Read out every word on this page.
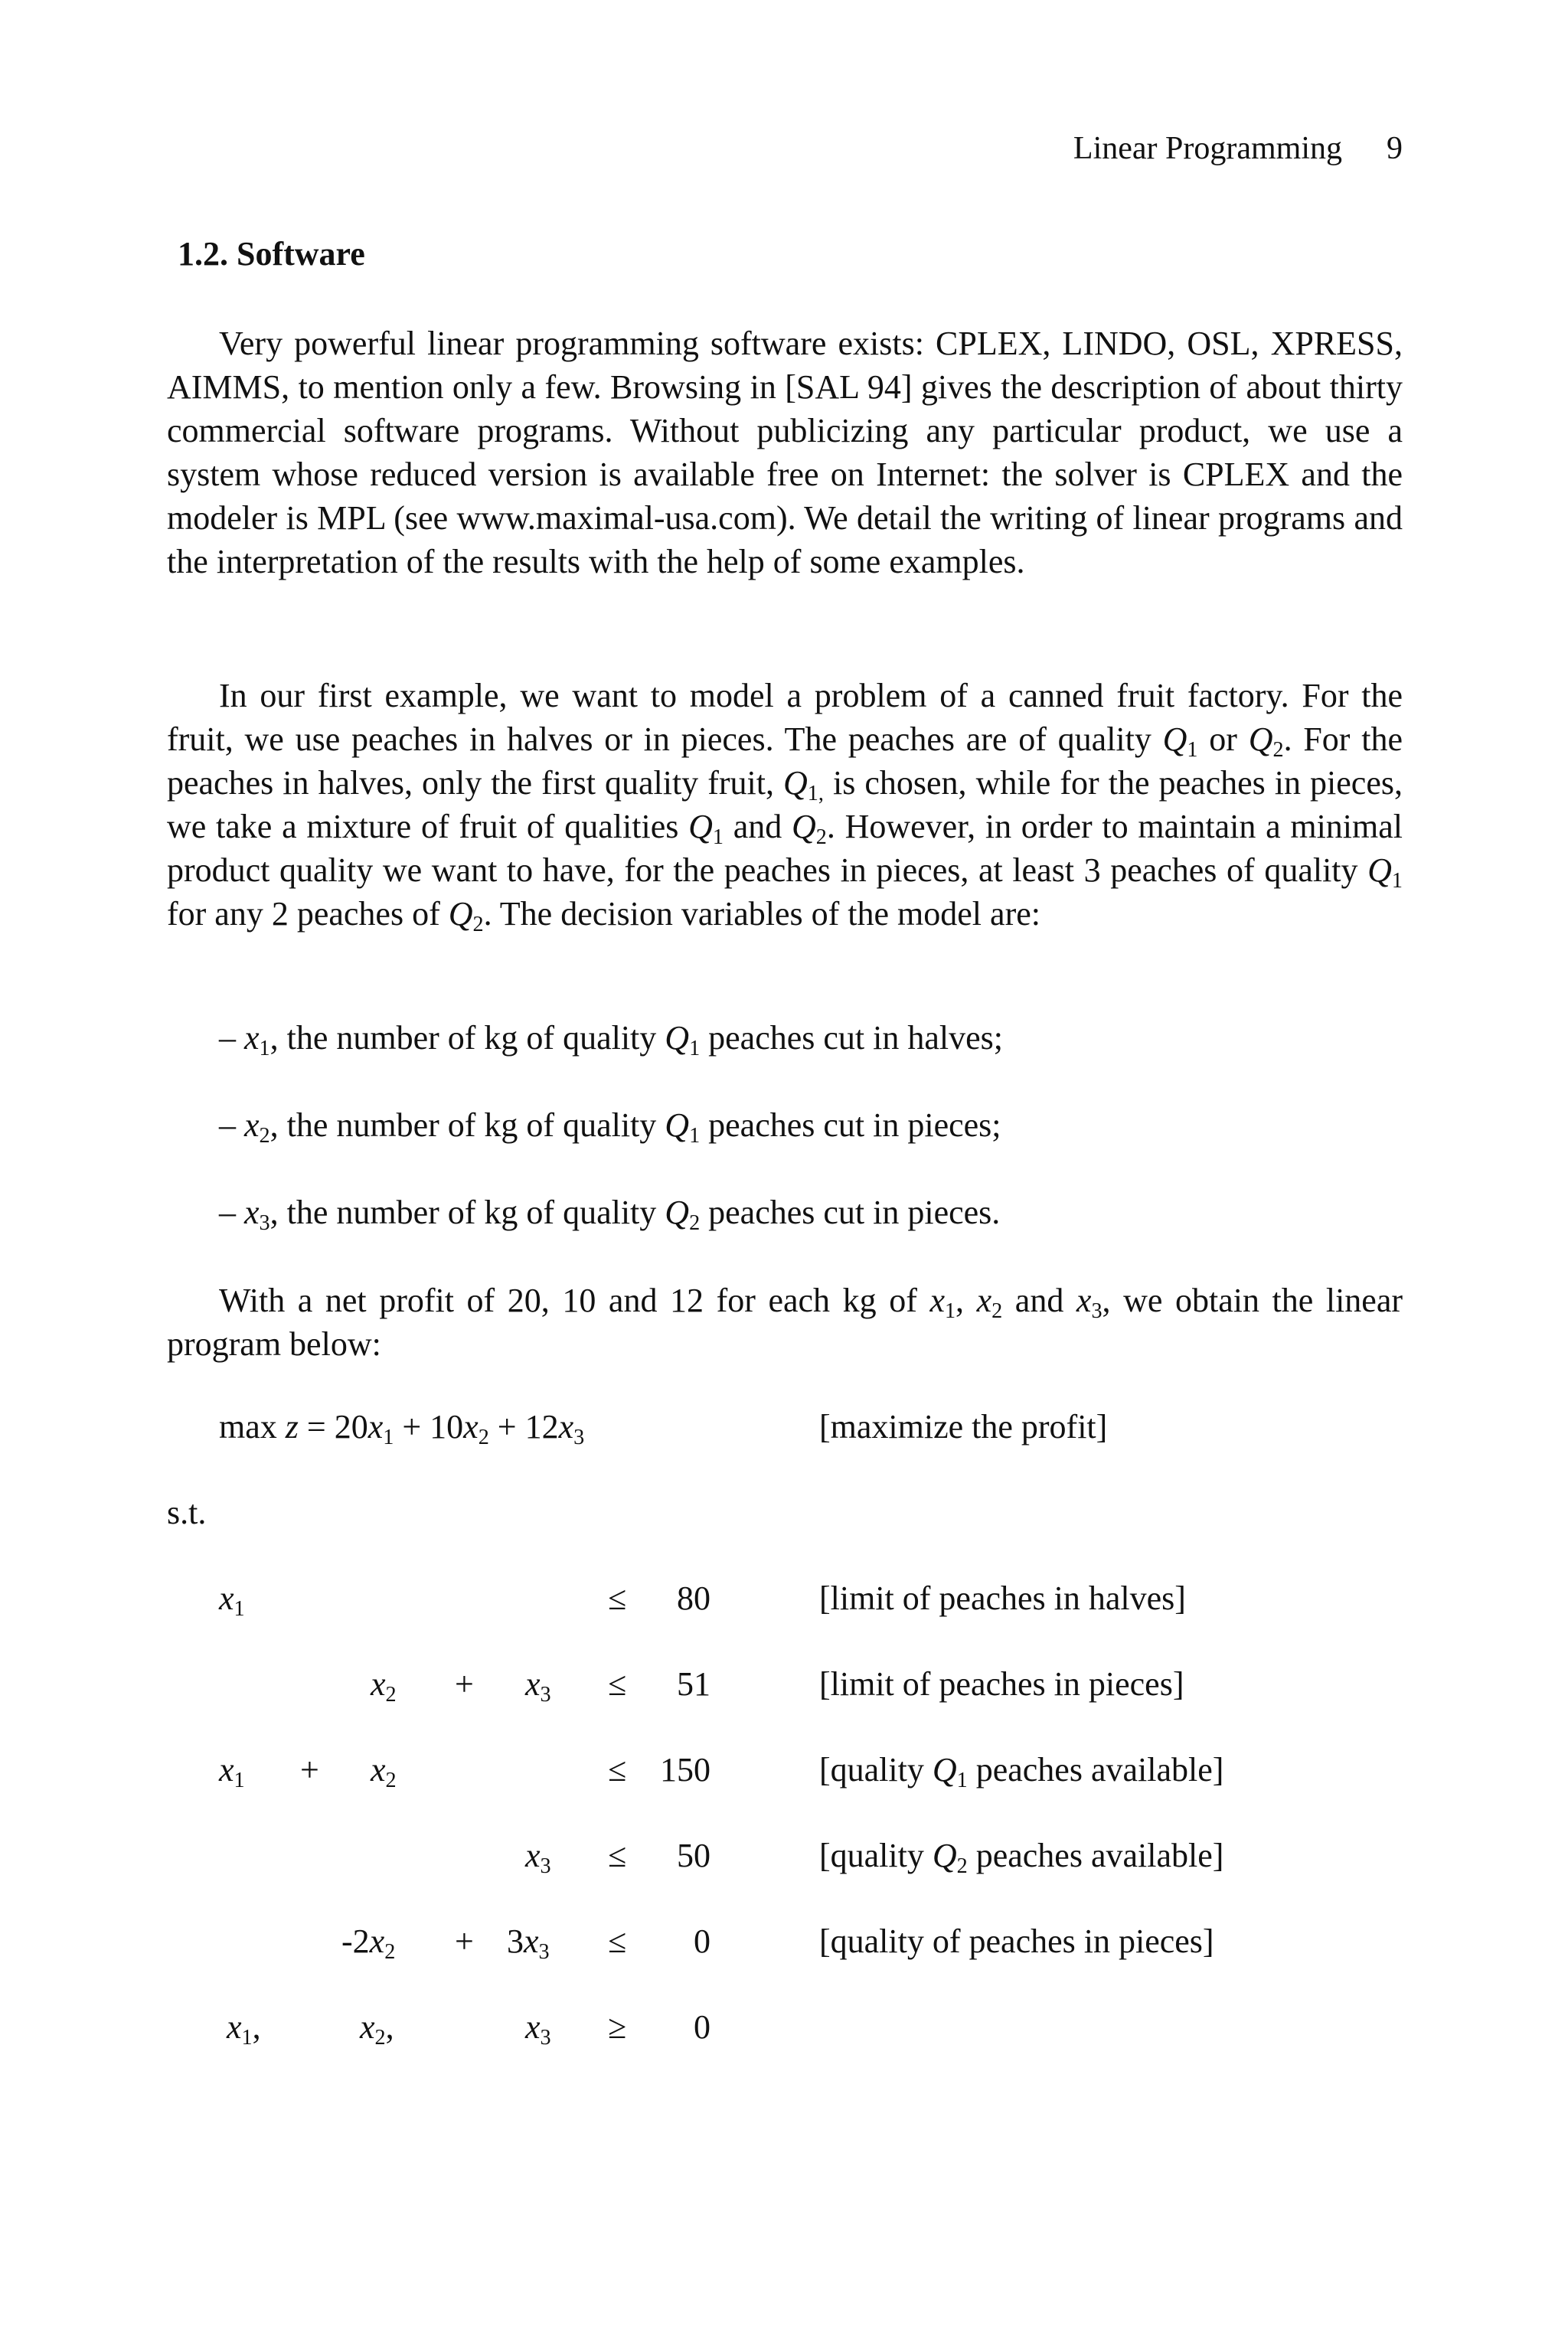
Linear Programming 9
1.2. Software

Very powerful linear programming software exists: CPLEX, LINDO, OSL, XPRESS, AIMMS, to mention only a few. Browsing in [SAL 94] gives the description of about thirty commercial software programs. Without publicizing any particular product, we use a system whose reduced version is available free on Internet: the solver is CPLEX and the modeler is MPL (see www.maximal-usa.com). We detail the writing of linear programs and the interpretation of the results with the help of some examples.

In our first example, we want to model a problem of a canned fruit factory. For the fruit, we use peaches in halves or in pieces. The peaches are of quality $Q_1$ or $Q_2$. For the peaches in halves, only the first quality fruit, $Q_{1,}$ is chosen, while for the peaches in pieces, we take a mixture of fruit of qualities $Q_1$ and $Q_2$. However, in order to maintain a minimal product quality we want to have, for the peaches in pieces, at least 3 peaches of quality $Q_1$ for any 2 peaches of $Q_2$. The decision variables of the model are:

– $x_1$, the number of kg of quality $Q_1$ peaches cut in halves;
– $x_2$, the number of kg of quality $Q_1$ peaches cut in pieces;
– $x_3$, the number of kg of quality $Q_2$ peaches cut in pieces.

With a net profit of 20, 10 and 12 for each kg of $x_1$, $x_2$ and $x_3$, we obtain the linear program below:

$\max z = 20x_1 + 10x_2 + 12x_3$	[maximize the profit]
s.t.
$x_1$	≤	80	[limit of peaches in halves]
$x_2 + x_3$ ≤	51	[limit of peaches in pieces]
$x_1 + x_2$	≤ 150	[quality $Q_1$ peaches available]
$x_3$ ≤	50	[quality $Q_2$ peaches available]
$-2x_2 + 3x_3$ ≤	0	[quality of peaches in pieces]
$x_1$,	$x_2$,	$x_3$ ≥	0
